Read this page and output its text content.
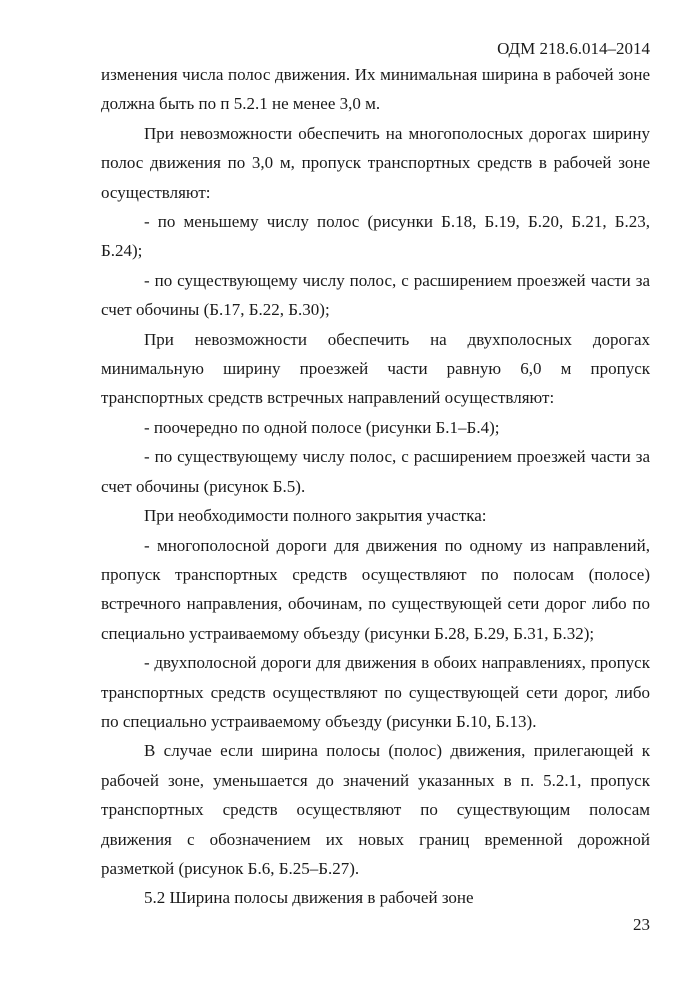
ОДМ 218.6.014–2014

изменения числа полос движения. Их минимальная ширина в рабочей зоне должна быть по п 5.2.1 не менее 3,0 м.

При невозможности обеспечить на многополосных дорогах ширину полос движения по 3,0 м, пропуск транспортных средств в рабочей зоне осуществляют:

- по меньшему числу полос (рисунки Б.18, Б.19, Б.20, Б.21, Б.23, Б.24);

- по существующему числу полос, с расширением проезжей части за счет обочины (Б.17, Б.22, Б.30);

При невозможности обеспечить на двухполосных дорогах минимальную ширину проезжей части равную 6,0 м пропуск транспортных средств встречных направлений осуществляют:

- поочередно по одной полосе (рисунки Б.1–Б.4);

- по существующему числу полос, с расширением проезжей части за счет обочины (рисунок Б.5).

При необходимости полного закрытия участка:

- многополосной дороги для движения по одному из направлений, пропуск транспортных средств осуществляют по полосам (полосе) встречного направления, обочинам, по существующей сети дорог либо по специально устраиваемому объезду (рисунки Б.28, Б.29, Б.31, Б.32);

- двухполосной дороги для движения в обоих направлениях, пропуск транспортных средств осуществляют по существующей сети дорог, либо по специально устраиваемому объезду (рисунки Б.10, Б.13).

В случае если ширина полосы (полос) движения, прилегающей к рабочей зоне, уменьшается до значений указанных в п. 5.2.1, пропуск транспортных средств осуществляют по существующим полосам движения с обозначением их новых границ временной дорожной разметкой (рисунок Б.6, Б.25–Б.27).

5.2 Ширина полосы движения в рабочей зоне

23
